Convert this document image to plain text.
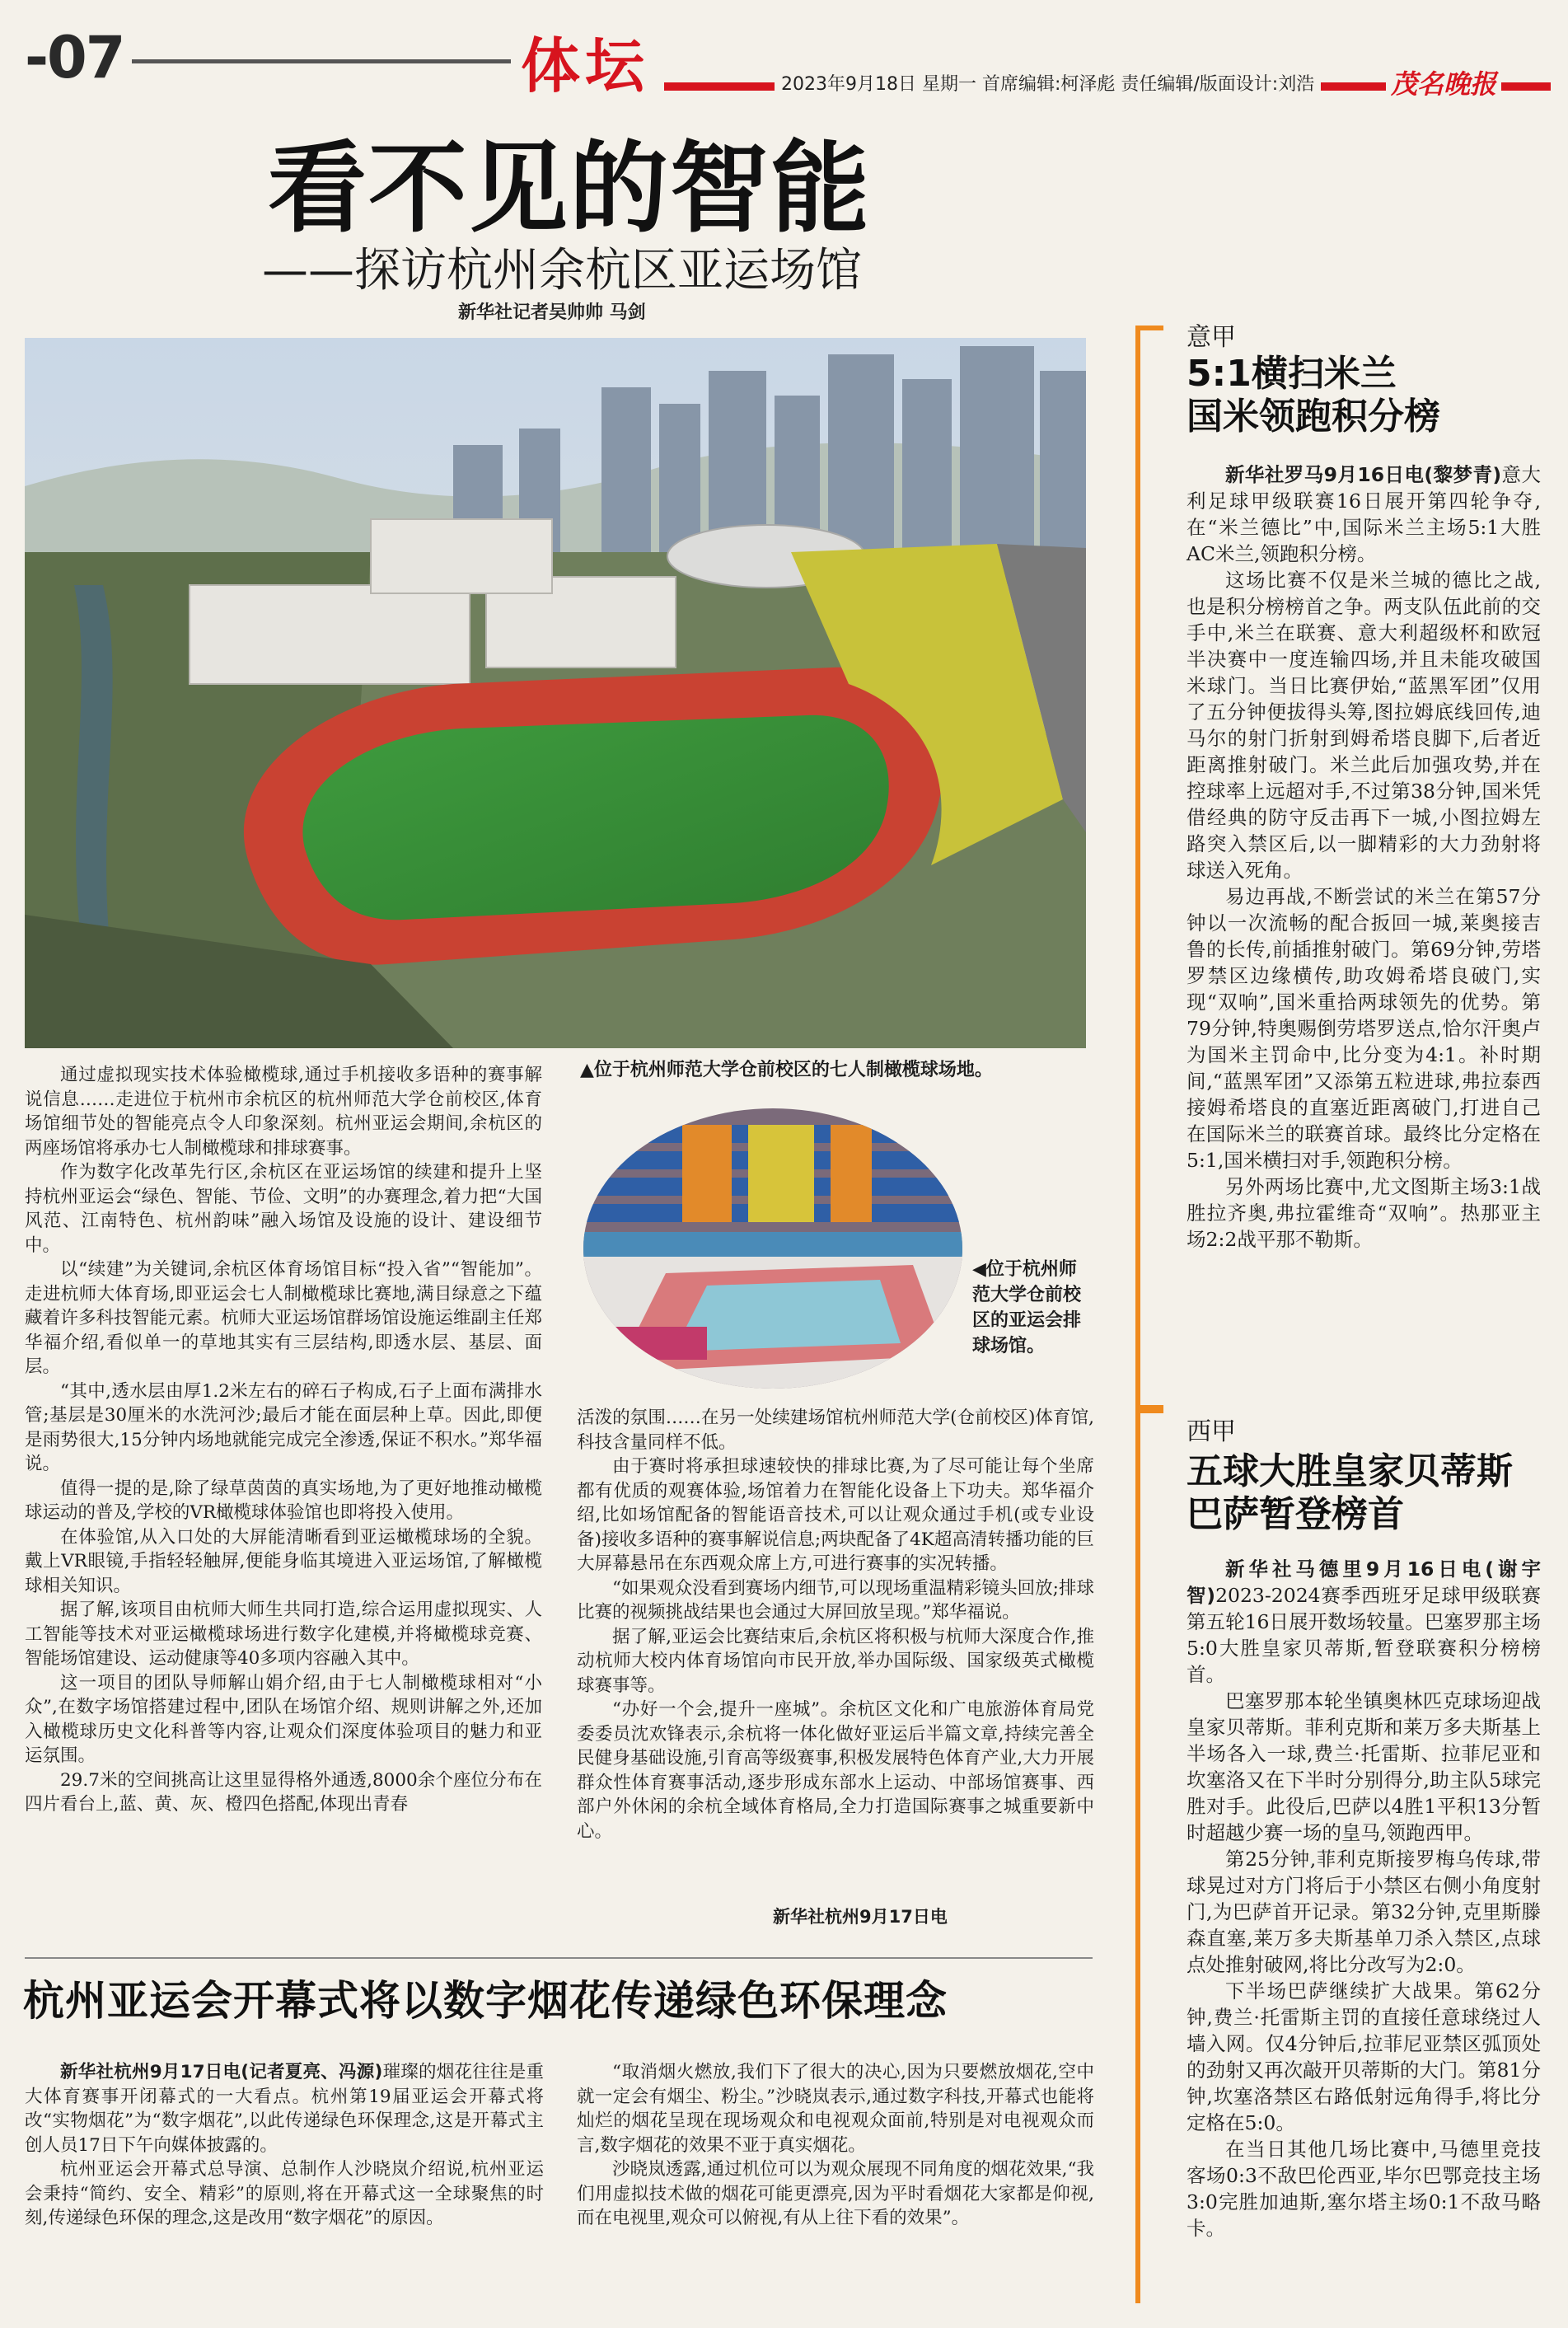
-07	体坛	2023年9月18日 星期一 首席编辑:柯泽彪 责任编辑/版面设计:刘浩	茂名晚报
看不见的智能
——探访杭州余杭区亚运场馆
新华社记者吴帅帅 马剑

通过虚拟现实技术体验橄榄球,通过手机接收多语种的赛事解说信息……走进位于杭州市余杭区的杭州师范大学仓前校区,体育场馆细节处的智能亮点令人印象深刻。杭州亚运会期间,余杭区的两座场馆将承办七人制橄榄球和排球赛事。

作为数字化改革先行区,余杭区在亚运场馆的续建和提升上坚持杭州亚运会“绿色、智能、节俭、文明”的办赛理念,着力把“大国风范、江南特色、杭州韵味”融入场馆及设施的设计、建设细节中。

以“续建”为关键词,余杭区体育场馆目标“投入省”“智能加”。走进杭师大体育场,即亚运会七人制橄榄球比赛地,满目绿意之下蕴藏着许多科技智能元素。杭师大亚运场馆群场馆设施运维副主任郑华福介绍,看似单一的草地其实有三层结构,即透水层、基层、面层。

“其中,透水层由厚1.2米左右的碎石子构成,石子上面布满排水管;基层是30厘米的水洗河沙;最后才能在面层种上草。因此,即便是雨势很大,15分钟内场地就能完成完全渗透,保证不积水。”郑华福说。

值得一提的是,除了绿草茵茵的真实场地,为了更好地推动橄榄球运动的普及,学校的VR橄榄球体验馆也即将投入使用。

在体验馆,从入口处的大屏能清晰看到亚运橄榄球场的全貌。戴上VR眼镜,手指轻轻触屏,便能身临其境进入亚运场馆,了解橄榄球相关知识。

据了解,该项目由杭师大师生共同打造,综合运用虚拟现实、人工智能等技术对亚运橄榄球场进行数字化建模,并将橄榄球竞赛、智能场馆建设、运动健康等40多项内容融入其中。

这一项目的团队导师解山娟介绍,由于七人制橄榄球相对“小众”,在数字场馆搭建过程中,团队在场馆介绍、规则讲解之外,还加入橄榄球历史文化科普等内容,让观众们深度体验项目的魅力和亚运氛围。

29.7米的空间挑高让这里显得格外通透,8000余个座位分布在四片看台上,蓝、黄、灰、橙四色搭配,体现出青春

▲位于杭州师范大学仓前校区的七人制橄榄球场地。
◀位于杭州师范大学仓前校区的亚运会排球场馆。

活泼的氛围……在另一处续建场馆杭州师范大学(仓前校区)体育馆,科技含量同样不低。

由于赛时将承担球速较快的排球比赛,为了尽可能让每个坐席都有优质的观赛体验,场馆着力在智能化设备上下功夫。郑华福介绍,比如场馆配备的智能语音技术,可以让观众通过手机(或专业设备)接收多语种的赛事解说信息;两块配备了4K超高清转播功能的巨大屏幕悬吊在东西观众席上方,可进行赛事的实况转播。

“如果观众没看到赛场内细节,可以现场重温精彩镜头回放;排球比赛的视频挑战结果也会通过大屏回放呈现。”郑华福说。

据了解,亚运会比赛结束后,余杭区将积极与杭师大深度合作,推动杭师大校内体育场馆向市民开放,举办国际级、国家级英式橄榄球赛事等。

“办好一个会,提升一座城”。余杭区文化和广电旅游体育局党委委员沈欢锋表示,余杭将一体化做好亚运后半篇文章,持续完善全民健身基础设施,引育高等级赛事,积极发展特色体育产业,大力开展群众性体育赛事活动,逐步形成东部水上运动、中部场馆赛事、西部户外休闲的余杭全域体育格局,全力打造国际赛事之城重要新中心。

新华社杭州9月17日电
杭州亚运会开幕式将以数字烟花传递绿色环保理念

新华社杭州9月17日电(记者夏亮、冯源)璀璨的烟花往往是重大体育赛事开闭幕式的一大看点。杭州第19届亚运会开幕式将改“实物烟花”为“数字烟花”,以此传递绿色环保理念,这是开幕式主创人员17日下午向媒体披露的。

杭州亚运会开幕式总导演、总制作人沙晓岚介绍说,杭州亚运会秉持“简约、安全、精彩”的原则,将在开幕式这一全球聚焦的时刻,传递绿色环保的理念,这是改用“数字烟花”的原因。

“取消烟火燃放,我们下了很大的决心,因为只要燃放烟花,空中就一定会有烟尘、粉尘。”沙晓岚表示,通过数字科技,开幕式也能将灿烂的烟花呈现在现场观众和电视观众面前,特别是对电视观众而言,数字烟花的效果不亚于真实烟花。

沙晓岚透露,通过机位可以为观众展现不同角度的烟花效果,“我们用虚拟技术做的烟花可能更漂亮,因为平时看烟花大家都是仰视,而在电视里,观众可以俯视,有从上往下看的效果”。

意甲
5:1横扫米兰
国米领跑积分榜

新华社罗马9月16日电(黎梦青)意大利足球甲级联赛16日展开第四轮争夺,在“米兰德比”中,国际米兰主场5:1大胜AC米兰,领跑积分榜。

这场比赛不仅是米兰城的德比之战,也是积分榜榜首之争。两支队伍此前的交手中,米兰在联赛、意大利超级杯和欧冠半决赛中一度连输四场,并且未能攻破国米球门。当日比赛伊始,“蓝黑军团”仅用了五分钟便拔得头筹,图拉姆底线回传,迪马尔的射门折射到姆希塔良脚下,后者近距离推射破门。米兰此后加强攻势,并在控球率上远超对手,不过第38分钟,国米凭借经典的防守反击再下一城,小图拉姆左路突入禁区后,以一脚精彩的大力劲射将球送入死角。

易边再战,不断尝试的米兰在第57分钟以一次流畅的配合扳回一城,莱奥接吉鲁的长传,前插推射破门。第69分钟,劳塔罗禁区边缘横传,助攻姆希塔良破门,实现“双响”,国米重拾两球领先的优势。第79分钟,特奥赐倒劳塔罗送点,恰尔汗奥卢为国米主罚命中,比分变为4:1。补时期间,“蓝黑军团”又添第五粒进球,弗拉泰西接姆希塔良的直塞近距离破门,打进自己在国际米兰的联赛首球。最终比分定格在5:1,国米横扫对手,领跑积分榜。

另外两场比赛中,尤文图斯主场3:1战胜拉齐奥,弗拉霍维奇“双响”。热那亚主场2:2战平那不勒斯。

西甲
五球大胜皇家贝蒂斯
巴萨暂登榜首

新华社马德里9月16日电(谢宇智)2023-2024赛季西班牙足球甲级联赛第五轮16日展开数场较量。巴塞罗那主场5:0大胜皇家贝蒂斯,暂登联赛积分榜榜首。

巴塞罗那本轮坐镇奥林匹克球场迎战皇家贝蒂斯。菲利克斯和莱万多夫斯基上半场各入一球,费兰·托雷斯、拉菲尼亚和坎塞洛又在下半时分别得分,助主队5球完胜对手。此役后,巴萨以4胜1平积13分暂时超越少赛一场的皇马,领跑西甲。

第25分钟,菲利克斯接罗梅乌传球,带球晃过对方门将后于小禁区右侧小角度射门,为巴萨首开记录。第32分钟,克里斯滕森直塞,莱万多夫斯基单刀杀入禁区,点球点处推射破网,将比分改写为2:0。

下半场巴萨继续扩大战果。第62分钟,费兰·托雷斯主罚的直接任意球绕过人墙入网。仅4分钟后,拉菲尼亚禁区弧顶处的劲射又再次敲开贝蒂斯的大门。第81分钟,坎塞洛禁区右路低射远角得手,将比分定格在5:0。

在当日其他几场比赛中,马德里竞技客场0:3不敌巴伦西亚,毕尔巴鄂竞技主场3:0完胜加迪斯,塞尔塔主场0:1不敌马略卡。
